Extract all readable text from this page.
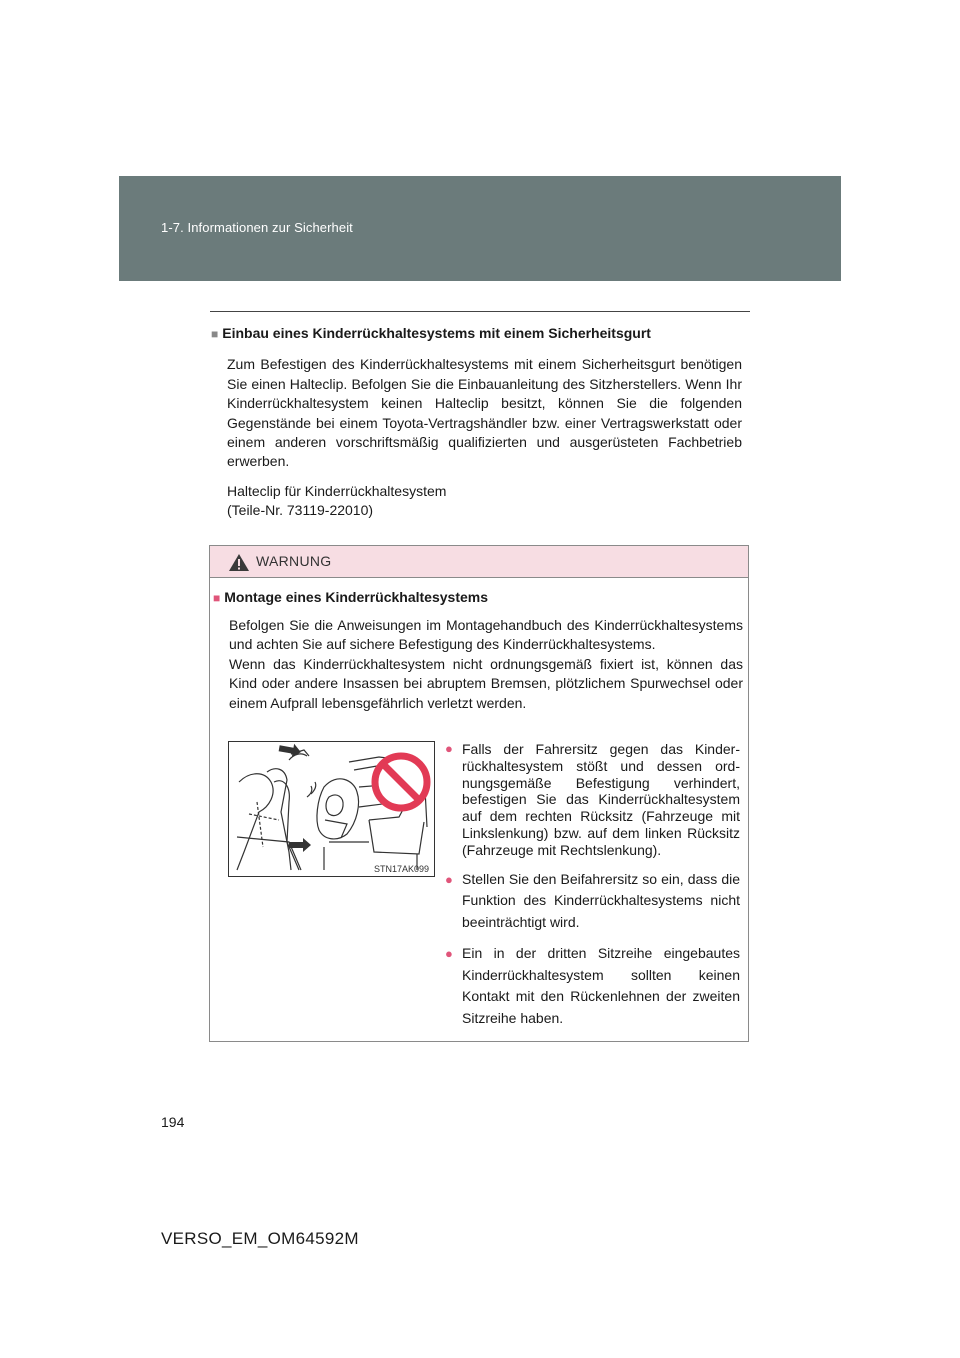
1-7. Informationen zur Sicherheit
■ Einbau eines Kinderrückhaltesystems mit einem Sicherheitsgurt
Zum Befestigen des Kinderrückhaltesystems mit einem Sicherheitsgurt benötigen Sie einen Halteclip. Befolgen Sie die Einbauanleitung des Sitzherstellers. Wenn Ihr Kinderrückhaltesystem keinen Halteclip besitzt, können Sie die folgenden Gegenstände bei einem Toyota-Vertragshändler bzw. einer Vertragswerkstatt oder einem anderen vorschriftsmäßig qualifizierten und ausgerüsteten Fachbetrieb erwerben.
Halteclip für Kinderrückhaltesystem
(Teile-Nr. 73119-22010)
WARNUNG
■ Montage eines Kinderrückhaltesystems
Befolgen Sie die Anweisungen im Montagehandbuch des Kinderrückhaltesystems und achten Sie auf sichere Befestigung des Kinderrückhaltesystems.
Wenn das Kinderrückhaltesystem nicht ordnungsgemäß fixiert ist, können das Kind oder andere Insassen bei abruptem Bremsen, plötzlichem Spurwechsel oder einem Aufprall lebensgefährlich verletzt werden.
STN17AK099
● Falls der Fahrersitz gegen das Kinderrückhaltesystem stößt und dessen ordnungsgemäße Befestigung verhindert, befestigen Sie das Kinderrückhaltesystem auf dem rechten Rücksitz (Fahrzeuge mit Linkslenkung) bzw. auf dem linken Rücksitz (Fahrzeuge mit Rechtslenkung).
● Stellen Sie den Beifahrersitz so ein, dass die Funktion des Kinderrückhaltesystems nicht beeinträchtigt wird.
● Ein in der dritten Sitzreihe eingebautes Kinderrückhaltesystem sollten keinen Kontakt mit den Rückenlehnen der zweiten Sitzreihe haben.
194
VERSO_EM_OM64592M
